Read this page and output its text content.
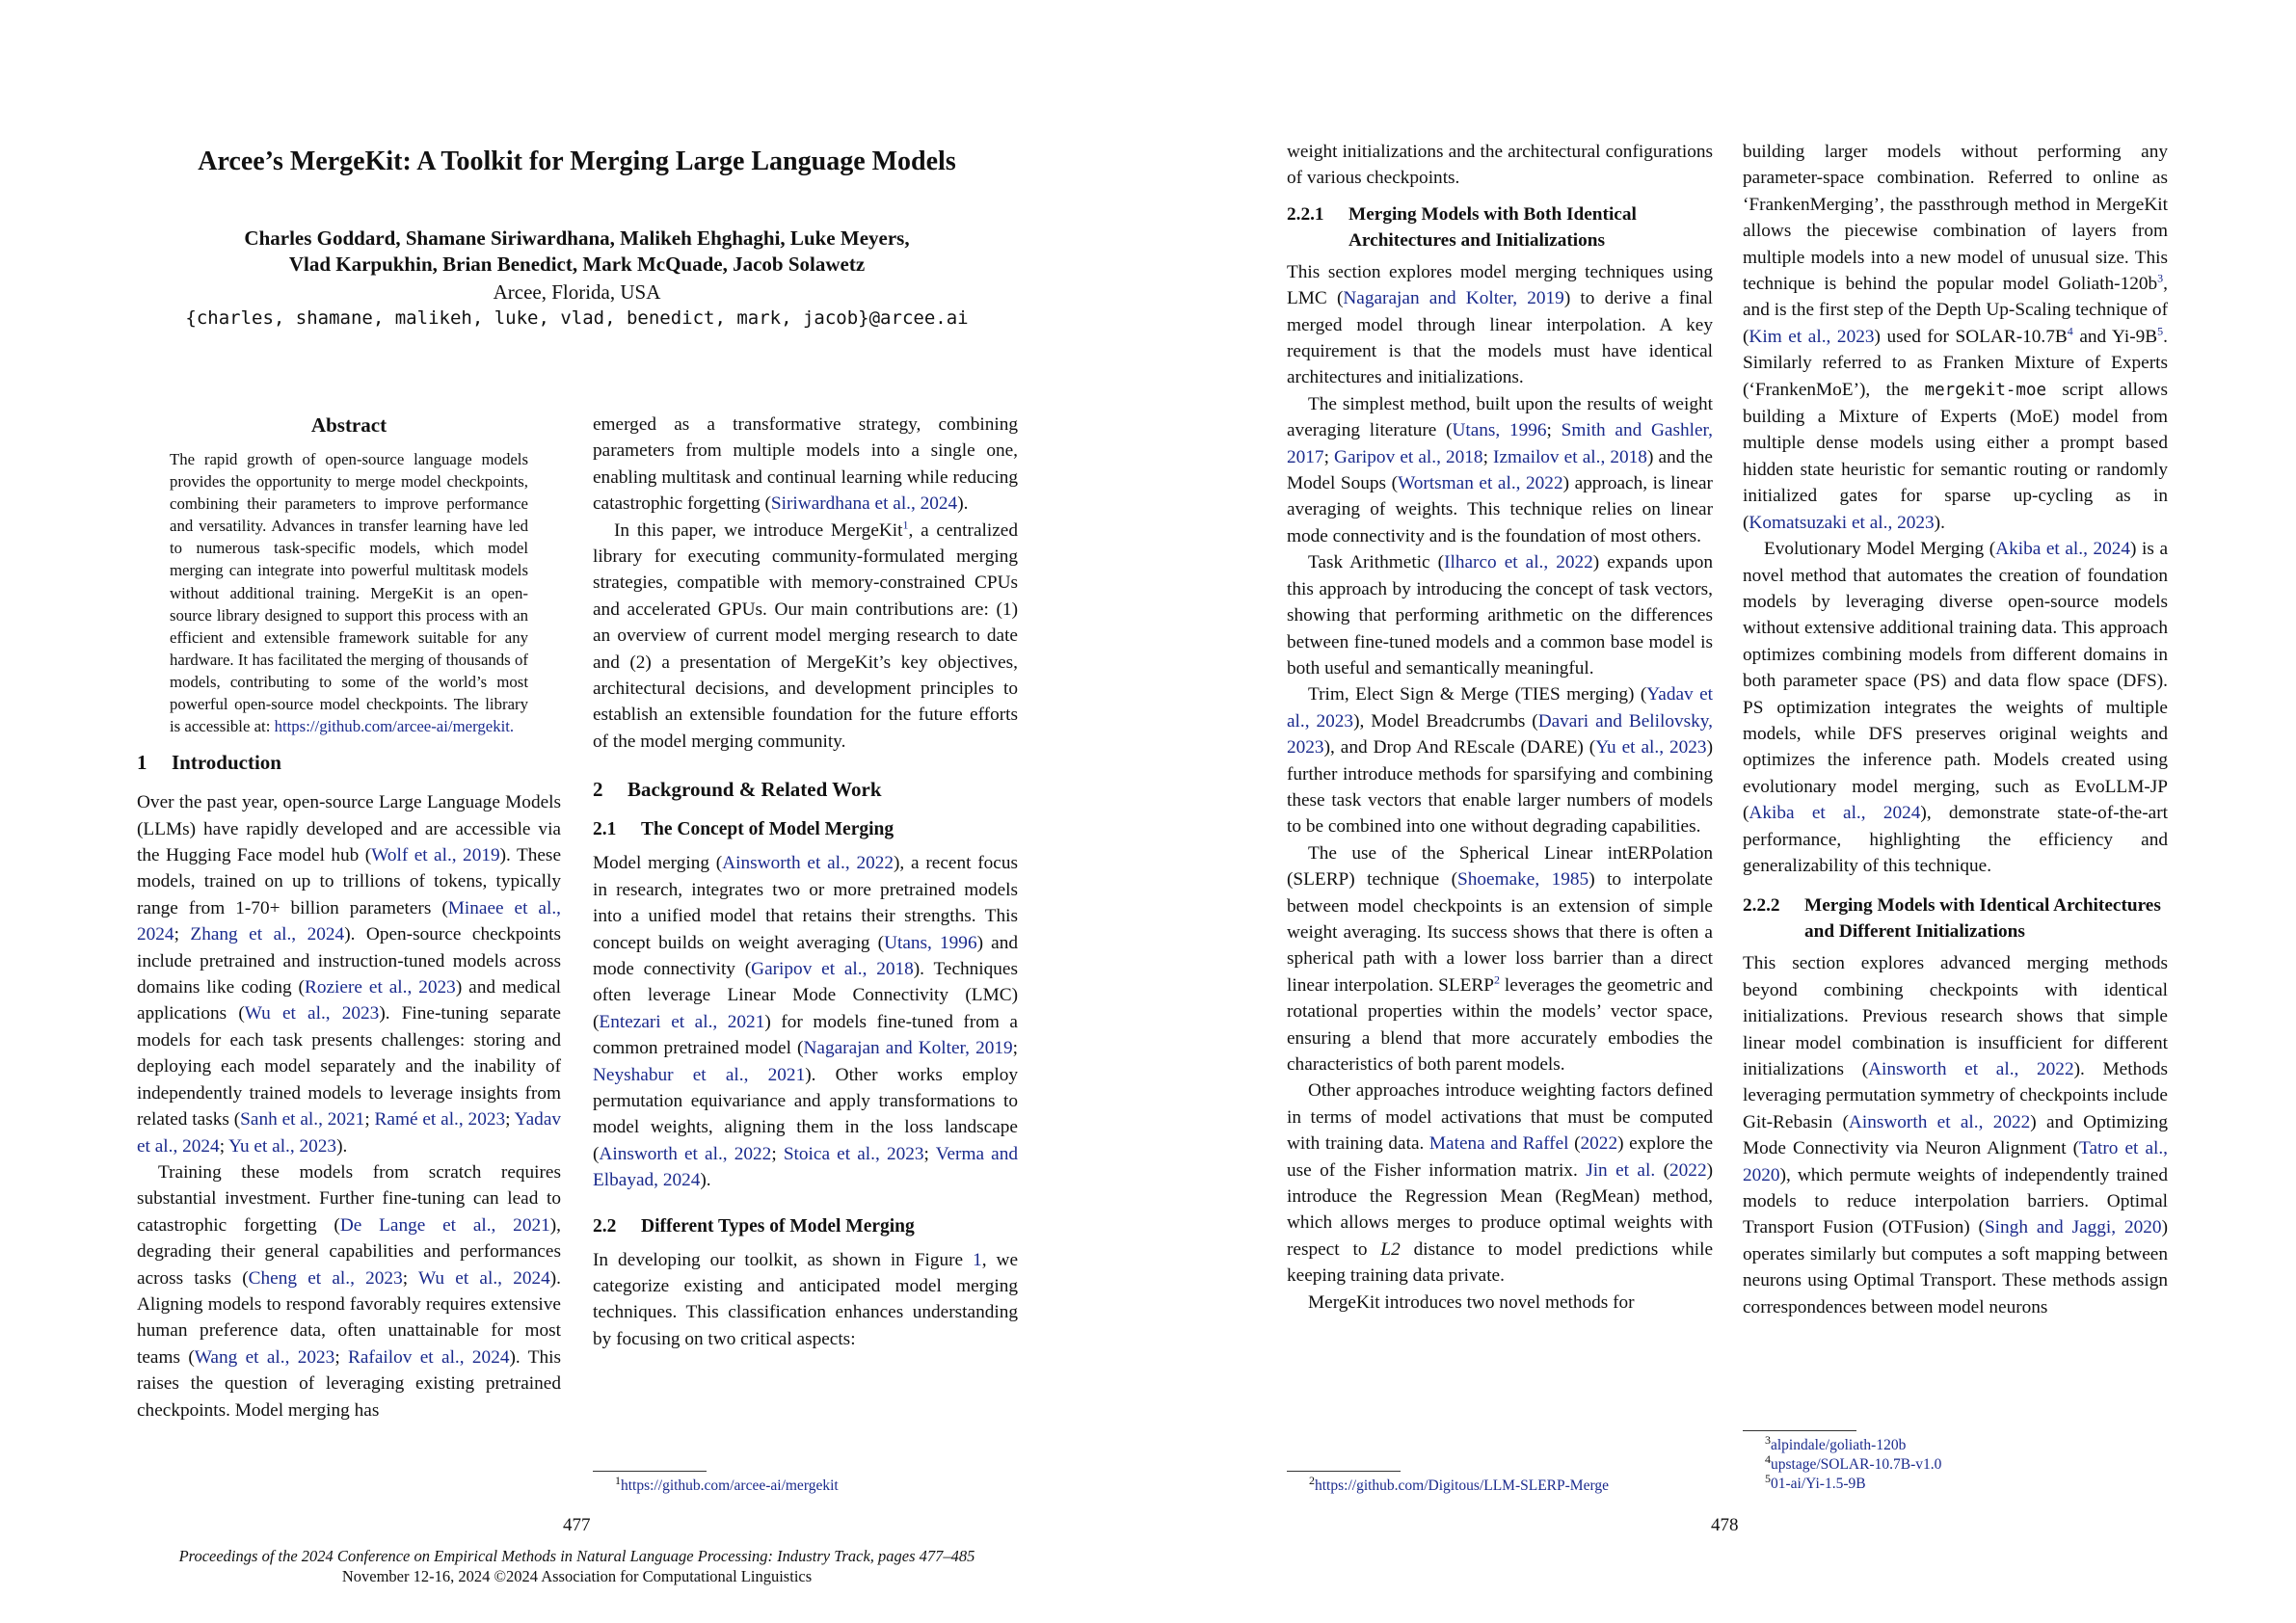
Arcee’s MergeKit: A Toolkit for Merging Large Language Models
Charles Goddard, Shamane Siriwardhana, Malikeh Ehghaghi, Luke Meyers,
Vlad Karpukhin, Brian Benedict, Mark McQuade, Jacob Solawetz
Arcee, Florida, USA
{charles, shamane, malikeh, luke, vlad, benedict, mark, jacob}@arcee.ai
Abstract
The rapid growth of open-source language models provides the opportunity to merge model checkpoints, combining their parameters to improve performance and versatility. Advances in transfer learning have led to numerous task-specific models, which model merging can integrate into powerful multitask models without additional training. MergeKit is an open-source library designed to support this process with an efficient and extensible framework suitable for any hardware. It has facilitated the merging of thousands of models, contributing to some of the world’s most powerful open-source model checkpoints. The library is accessible at: https://github.com/arcee-ai/mergekit.
1 Introduction

Over the past year, open-source Large Language Models (LLMs) have rapidly developed and are accessible via the Hugging Face model hub (Wolf et al., 2019). These models, trained on up to trillions of tokens, typically range from 1-70+ billion parameters (Minaee et al., 2024; Zhang et al., 2024). Open-source checkpoints include pretrained and instruction-tuned models across domains like coding (Roziere et al., 2023) and medical applications (Wu et al., 2023). Fine-tuning separate models for each task presents challenges: storing and deploying each model separately and the inability of independently trained models to leverage insights from related tasks (Sanh et al., 2021; Ramé et al., 2023; Yadav et al., 2024; Yu et al., 2023).

Training these models from scratch requires substantial investment. Further fine-tuning can lead to catastrophic forgetting (De Lange et al., 2021), degrading their general capabilities and performances across tasks (Cheng et al., 2023; Wu et al., 2024). Aligning models to respond favorably requires extensive human preference data, often unattainable for most teams (Wang et al., 2023; Rafailov et al., 2024). This raises the question of leveraging existing pretrained checkpoints. Model merging has

emerged as a transformative strategy, combining parameters from multiple models into a single one, enabling multitask and continual learning while reducing catastrophic forgetting (Siriwardhana et al., 2024).

In this paper, we introduce MergeKit$^1$, a centralized library for executing community-formulated merging strategies, compatible with memory-constrained CPUs and accelerated GPUs. Our main contributions are: (1) an overview of current model merging research to date and (2) a presentation of MergeKit’s key objectives, architectural decisions, and development principles to establish an extensible foundation for the future efforts of the model merging community.

2 Background & Related Work
2.1 The Concept of Model Merging

Model merging (Ainsworth et al., 2022), a recent focus in research, integrates two or more pretrained models into a unified model that retains their strengths. This concept builds on weight averaging (Utans, 1996) and mode connectivity (Garipov et al., 2018). Techniques often leverage Linear Mode Connectivity (LMC) (Entezari et al., 2021) for models fine-tuned from a common pretrained model (Nagarajan and Kolter, 2019; Neyshabur et al., 2021). Other works employ permutation equivariance and apply transformations to model weights, aligning them in the loss landscape (Ainsworth et al., 2022; Stoica et al., 2023; Verma and Elbayad, 2024).

2.2 Different Types of Model Merging

In developing our toolkit, as shown in Figure 1, we categorize existing and anticipated model merging techniques. This classification enhances understanding by focusing on two critical aspects:

$^1$https://github.com/arcee-ai/mergekit
477
Proceedings of the 2024 Conference on Empirical Methods in Natural Language Processing: Industry Track, pages 477–485
November 12-16, 2024 ©2024 Association for Computational Linguistics

weight initializations and the architectural configurations of various checkpoints.

2.2.1	Merging Models with Both Identical Architectures and Initializations

This section explores model merging techniques using LMC (Nagarajan and Kolter, 2019) to derive a final merged model through linear interpolation. A key requirement is that the models must have identical architectures and initializations.

The simplest method, built upon the results of weight averaging literature (Utans, 1996; Smith and Gashler, 2017; Garipov et al., 2018; Izmailov et al., 2018) and the Model Soups (Wortsman et al., 2022) approach, is linear averaging of weights. This technique relies on linear mode connectivity and is the foundation of most others.

Task Arithmetic (Ilharco et al., 2022) expands upon this approach by introducing the concept of task vectors, showing that performing arithmetic on the differences between fine-tuned models and a common base model is both useful and semantically meaningful.

Trim, Elect Sign & Merge (TIES merging) (Yadav et al., 2023), Model Breadcrumbs (Davari and Belilovsky, 2023), and Drop And REscale (DARE) (Yu et al., 2023) further introduce methods for sparsifying and combining these task vectors that enable larger numbers of models to be combined into one without degrading capabilities.

The use of the Spherical Linear intERPolation (SLERP) technique (Shoemake, 1985) to interpolate between model checkpoints is an extension of simple weight averaging. Its success shows that there is often a spherical path with a lower loss barrier than a direct linear interpolation. SLERP$^2$ leverages the geometric and rotational properties within the models’ vector space, ensuring a blend that more accurately embodies the characteristics of both parent models.

Other approaches introduce weighting factors defined in terms of model activations that must be computed with training data. Matena and Raffel (2022) explore the use of the Fisher information matrix. Jin et al. (2022) introduce the Regression Mean (RegMean) method, which allows merges to produce optimal weights with respect to L2 distance to model predictions while keeping training data private.

MergeKit introduces two novel methods for

building larger models without performing any parameter-space combination. Referred to online as ‘FrankenMerging’, the passthrough method in MergeKit allows the piecewise combination of layers from multiple models into a new model of unusual size. This technique is behind the popular model Goliath-$120b^3$, and is the first step of the Depth Up-Scaling technique of (Kim et al., 2023) used for SOLAR-$10.7B^4$ and $Yi-9B^5$. Similarly referred to as Franken Mixture of Experts (‘FrankenMoE’), the mergekit-moe script allows building a Mixture of Experts (MoE) model from multiple dense models using either a prompt based hidden state heuristic for semantic routing or randomly initialized gates for sparse up-cycling as in (Komatsuzaki et al., 2023).

Evolutionary Model Merging (Akiba et al., 2024) is a novel method that automates the creation of foundation models by leveraging diverse open-source models without extensive additional training data. This approach optimizes combining models from different domains in both parameter space (PS) and data flow space (DFS). PS optimization integrates the weights of multiple models, while DFS preserves original weights and optimizes the inference path. Models created using evolutionary model merging, such as EvoLLM-JP (Akiba et al., 2024), demonstrate state-of-the-art performance, highlighting the efficiency and generalizability of this technique.

2.2.2	Merging Models with Identical Architectures and Different Initializations

This section explores advanced merging methods beyond combining checkpoints with identical initializations. Previous research shows that simple linear model combination is insufficient for different initializations (Ainsworth et al., 2022). Methods leveraging permutation symmetry of checkpoints include Git-Rebasin (Ainsworth et al., 2022) and Optimizing Mode Connectivity via Neuron Alignment (Tatro et al., 2020), which permute weights of independently trained models to reduce interpolation barriers. Optimal Transport Fusion (OTFusion) (Singh and Jaggi, 2020) operates similarly but computes a soft mapping between neurons using Optimal Transport. These methods assign correspondences between model neurons

$^2$https://github.com/Digitous/LLM-SLERP-Merge
$^3$alpindale/goliath-120b
$^4$upstage/SOLAR-10.7B-v1.0
$^5$01-ai/Yi-1.5-9B
478
